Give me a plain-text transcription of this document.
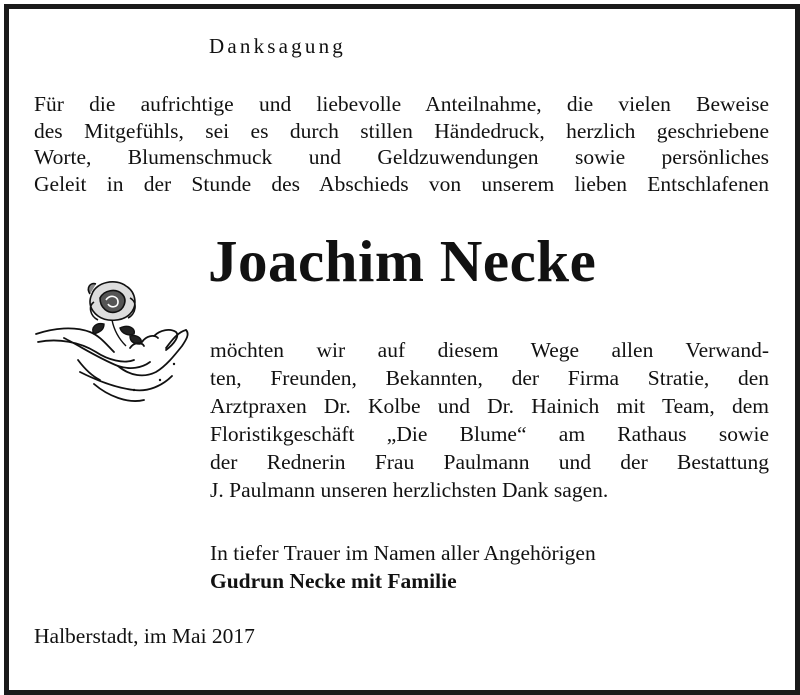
Danksagung
Für die aufrichtige und liebevolle Anteilnahme, die vielen Beweise
des Mitgefühls, sei es durch stillen Händedruck, herzlich geschriebene
Worte, Blumenschmuck und Geldzuwendungen sowie persönliches
Geleit in der Stunde des Abschieds von unserem lieben Entschlafenen
Joachim Necke
möchten wir auf diesem Wege allen Verwand-
ten, Freunden, Bekannten, der Firma Stratie, den
Arztpraxen Dr. Kolbe und Dr. Hainich mit Team, dem
Floristikgeschäft „Die Blume“ am Rathaus sowie
der Rednerin Frau Paulmann und der Bestattung
J. Paulmann unseren herzlichsten Dank sagen.
In tiefer Trauer im Namen aller Angehörigen
Gudrun Necke mit Familie
Halberstadt, im Mai 2017
